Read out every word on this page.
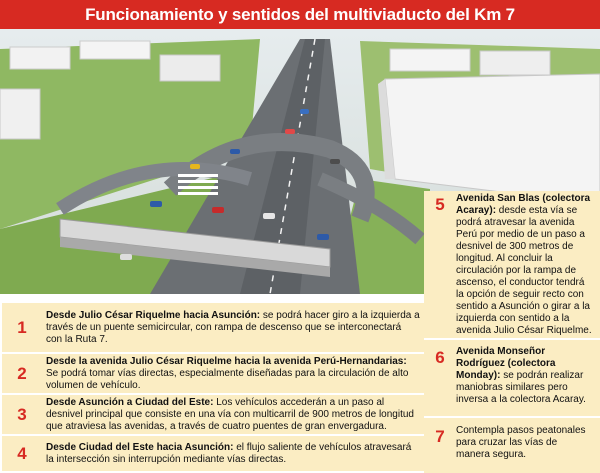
Funcionamiento y sentidos del multiviaducto del Km 7
1
Desde Julio César Riquelme hacia Asunción: se podrá hacer giro a la izquierda a través de un puente semicircular, con rampa de descenso que se interconectará con la Ruta 7.
2
Desde la avenida Julio César Riquelme hacia la avenida Perú-Hernandarias: Se podrá tomar vías directas, especialmente diseñadas para la circulación de alto volumen de vehículo.
3
Desde Asunción a Ciudad del Este: Los vehículos accederán a un paso al desnivel principal que consiste en una vía con multicarril de 900 metros de longitud que atraviesa las avenidas, a través de cuatro puentes de gran envergadura.
4	Desde Ciudad del Este hacia Asunción: el flujo saliente de vehículos atravesará la intersección sin interrupción mediante vías directas.
5	Avenida San Blas (colectora Acaray): desde esta vía se podrá atravesar la avenida Perú por medio de un paso a desnivel de 300 metros de longitud. Al concluir la circulación por la rampa de ascenso, el conductor tendrá la opción de seguir recto con sentido a Asunción o girar a la izquierda con sentido a la avenida Julio César Riquelme.
6	Avenida Monseñor Rodríguez (colectora Monday): se podrán realizar maniobras similares pero inversa a la colectora Acaray.
7	Contempla pasos peatonales para cruzar las vías de manera segura.
